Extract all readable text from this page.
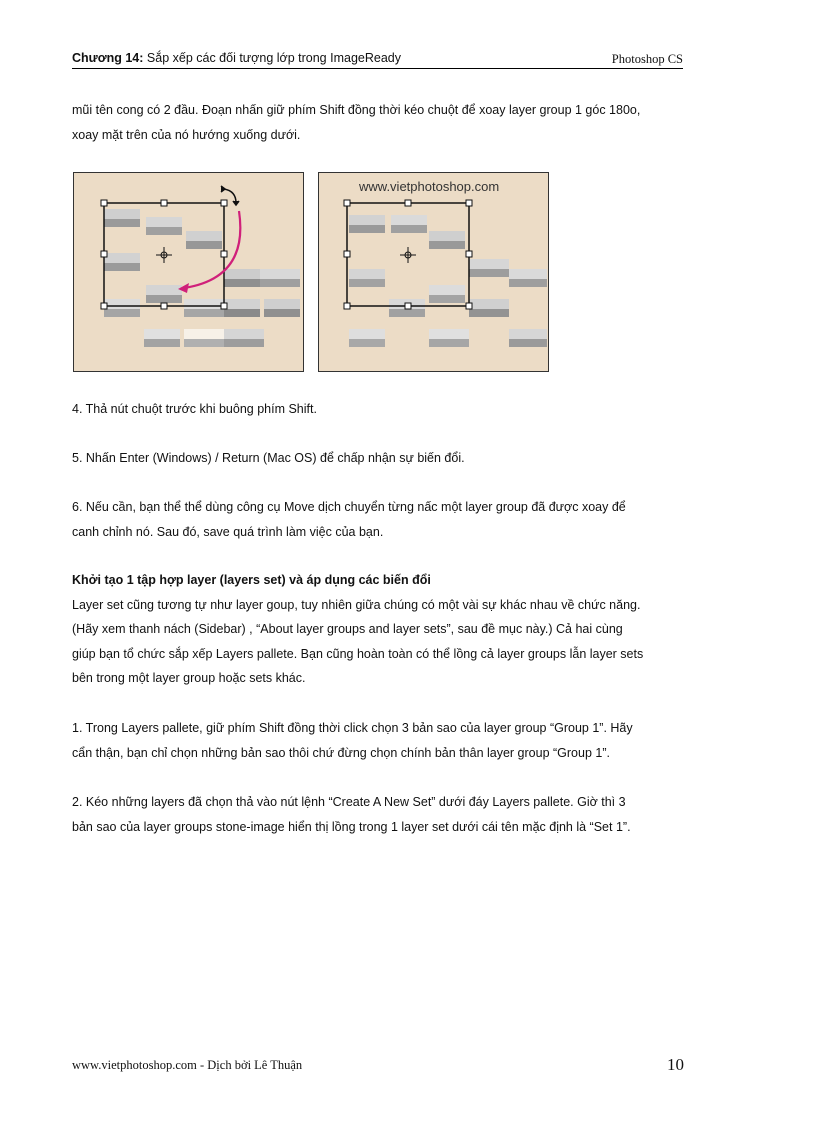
Chương 14: Sắp xếp các đối tượng lớp trong ImageReady	Photoshop CS

mũi tên cong có 2 đầu. Đoạn nhấn giữ phím Shift đồng thời kéo chuột để xoay layer group 1 góc 180o,
xoay mặt trên của nó hướng xuống dưới.

www.vietphotoshop.com

4. Thả nút chuột trước khi buông phím Shift.

5. Nhấn Enter (Windows) / Return (Mac OS) để chấp nhận sự biến đổi.

6. Nếu cần, bạn thể thể dùng công cụ Move dịch chuyển từng nấc một layer group đã được xoay để
canh chỉnh nó. Sau đó, save quá trình làm việc của bạn.

Khởi tạo 1 tập hợp layer (layers set) và áp dụng các biến đổi
Layer set cũng tương tự như layer goup, tuy nhiên giữa chúng có một vài sự khác nhau về chức năng.
(Hãy xem thanh nách (Sidebar) , “About layer groups and layer sets”, sau đề mục này.) Cả hai cùng
giúp bạn tổ chức sắp xếp Layers pallete. Bạn cũng hoàn toàn có thể lồng cả layer groups lẫn layer sets
bên trong một layer group hoặc sets khác.

1. Trong Layers pallete, giữ phím Shift đồng thời click chọn 3 bản sao của layer group “Group 1”. Hãy
cẩn thận, bạn chỉ chọn những bản sao thôi chứ đừng chọn chính bản thân layer group “Group 1”.

2. Kéo những layers đã chọn thả vào nút lệnh “Create A New Set” dưới đáy Layers pallete. Giờ thì 3
bản sao của layer groups stone-image hiển thị lồng trong 1 layer set dưới cái tên mặc định là “Set 1”.

www.vietphotoshop.com - Dịch bởi Lê Thuận	10
